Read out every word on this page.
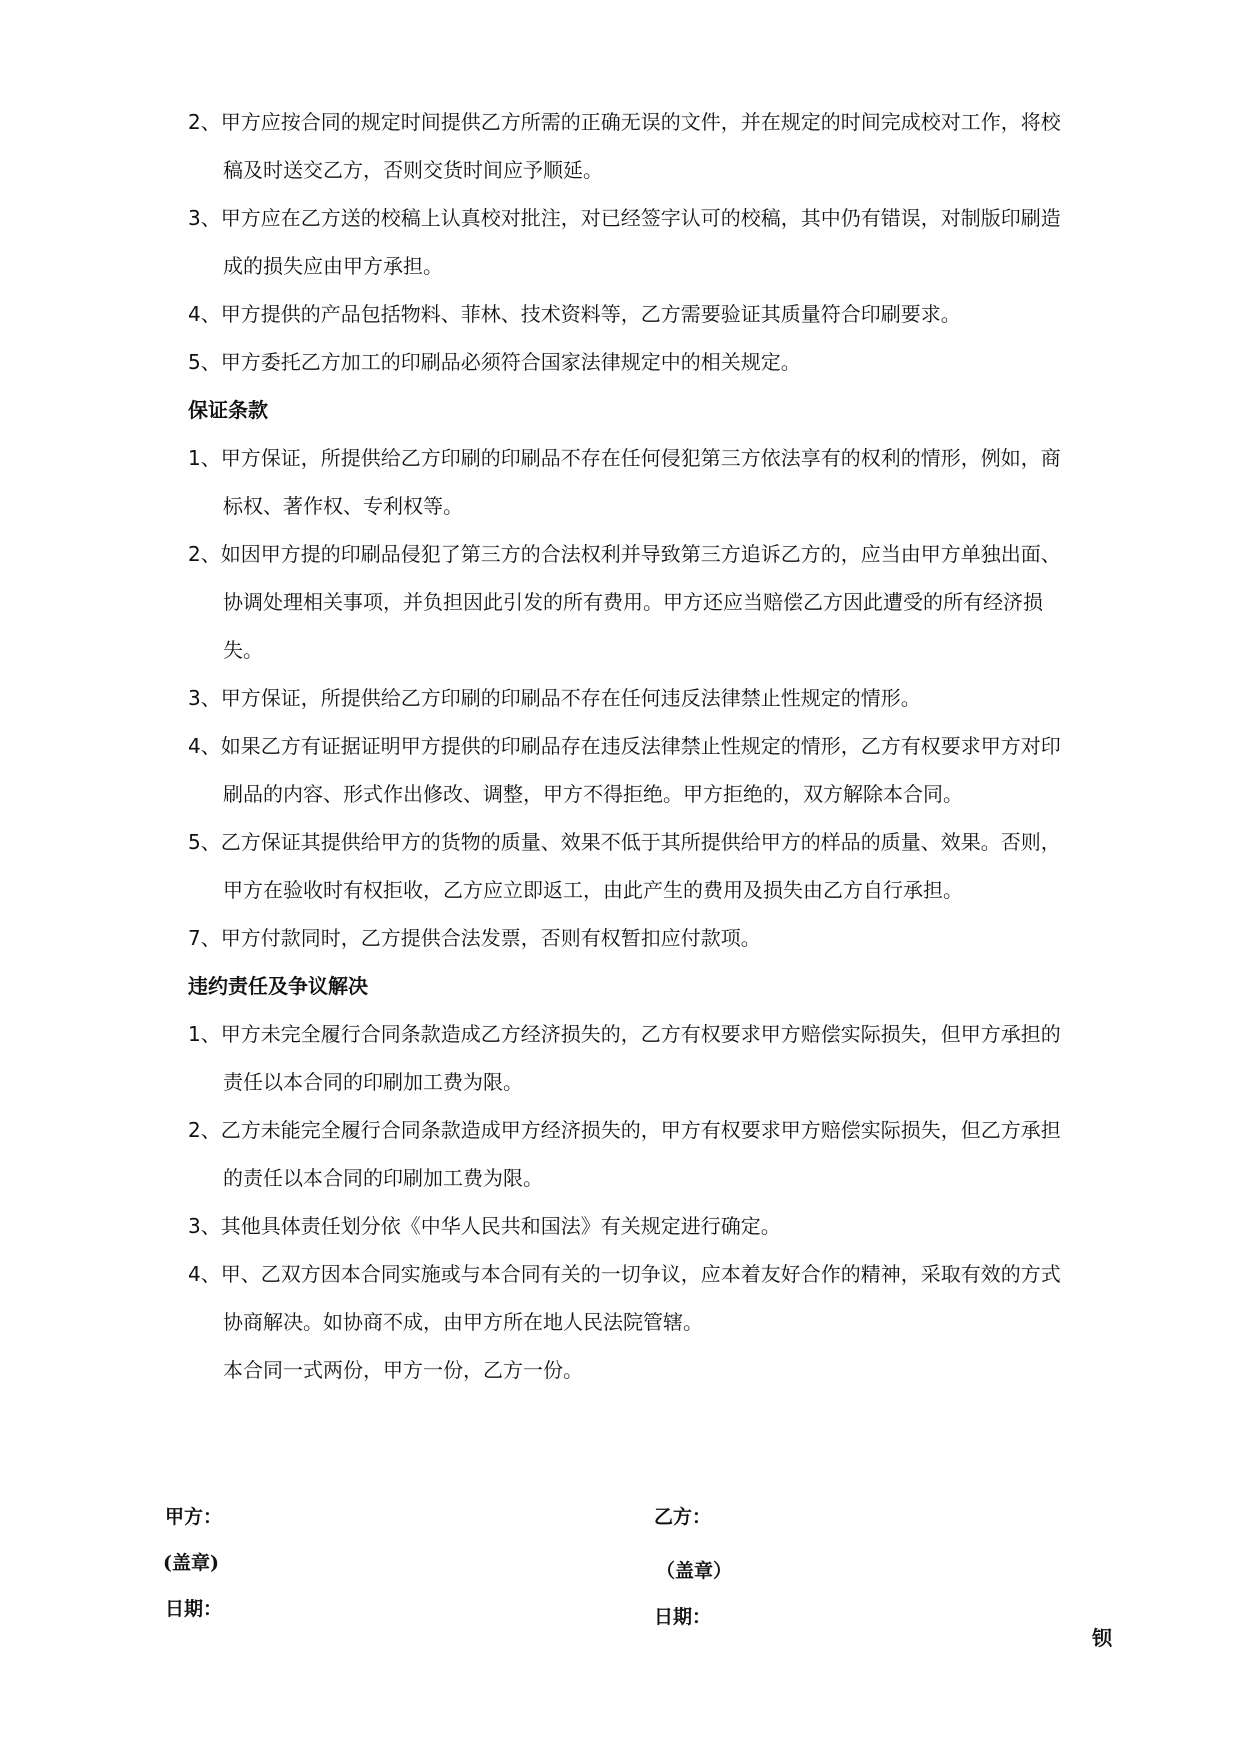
2、甲方应按合同的规定时间提供乙方所需的正确无误的文件，并在规定的时间完成校对工作，将校稿及时送交乙方，否则交货时间应予顺延。

3、甲方应在乙方送的校稿上认真校对批注，对已经签字认可的校稿，其中仍有错误，对制版印刷造成的损失应由甲方承担。

4、甲方提供的产品包括物料、菲林、技术资料等，乙方需要验证其质量符合印刷要求。

5、甲方委托乙方加工的印刷品必须符合国家法律规定中的相关规定。

保证条款

1、甲方保证，所提供给乙方印刷的印刷品不存在任何侵犯第三方依法享有的权利的情形，例如，商标权、著作权、专利权等。

2、如因甲方提的印刷品侵犯了第三方的合法权利并导致第三方追诉乙方的，应当由甲方单独出面、协调处理相关事项，并负担因此引发的所有费用。甲方还应当赔偿乙方因此遭受的所有经济损失。

3、甲方保证，所提供给乙方印刷的印刷品不存在任何违反法律禁止性规定的情形。

4、如果乙方有证据证明甲方提供的印刷品存在违反法律禁止性规定的情形，乙方有权要求甲方对印刷品的内容、形式作出修改、调整，甲方不得拒绝。甲方拒绝的，双方解除本合同。

5、乙方保证其提供给甲方的货物的质量、效果不低于其所提供给甲方的样品的质量、效果。否则，甲方在验收时有权拒收，乙方应立即返工，由此产生的费用及损失由乙方自行承担。

7、甲方付款同时，乙方提供合法发票，否则有权暂扣应付款项。

违约责任及争议解决

1、甲方未完全履行合同条款造成乙方经济损失的，乙方有权要求甲方赔偿实际损失，但甲方承担的责任以本合同的印刷加工费为限。

2、乙方未能完全履行合同条款造成甲方经济损失的，甲方有权要求甲方赔偿实际损失，但乙方承担的责任以本合同的印刷加工费为限。

3、其他具体责任划分依《中华人民共和国法》有关规定进行确定。

4、甲、乙双方因本合同实施或与本合同有关的一切争议，应本着友好合作的精神，采取有效的方式协商解决。如协商不成，由甲方所在地人民法院管辖。

本合同一式两份，甲方一份，乙方一份。

甲方：
(盖章)
日期：
乙方：
（盖章）
日期：
钡
